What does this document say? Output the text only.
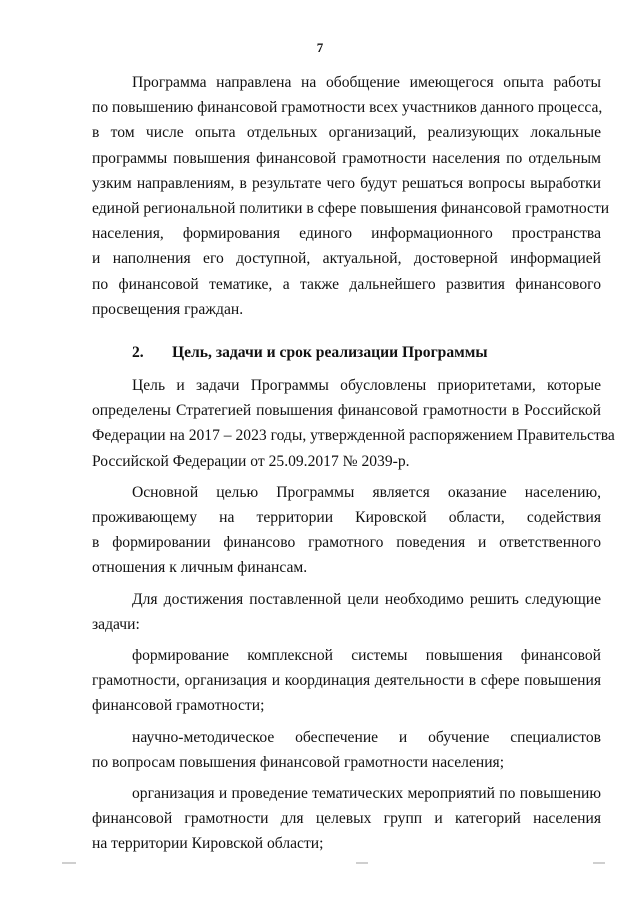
7
Программа направлена на обобщение имеющегося опыта работы
по повышению финансовой грамотности всех участников данного процесса,
в том числе опыта отдельных организаций, реализующих локальные
программы повышения финансовой грамотности населения по отдельным
узким направлениям, в результате чего будут решаться вопросы выработки
единой региональной политики в сфере повышения финансовой грамотности
населения, формирования единого информационного пространства
и наполнения его доступной, актуальной, достоверной информацией
по финансовой тематике, а также дальнейшего развития финансового
просвещения граждан.
2. Цель, задачи и срок реализации Программы
Цель и задачи Программы обусловлены приоритетами, которые
определены Стратегией повышения финансовой грамотности в Российской
Федерации на 2017 – 2023 годы, утвержденной распоряжением Правительства
Российской Федерации от 25.09.2017 № 2039-р.
Основной целью Программы является оказание населению,
проживающему на территории Кировской области, содействия
в формировании финансово грамотного поведения и ответственного
отношения к личным финансам.
Для достижения поставленной цели необходимо решить следующие
задачи:
формирование комплексной системы повышения финансовой
грамотности, организация и координация деятельности в сфере повышения
финансовой грамотности;
научно-методическое обеспечение и обучение специалистов
по вопросам повышения финансовой грамотности населения;
организация и проведение тематических мероприятий по повышению
финансовой грамотности для целевых групп и категорий населения
на территории Кировской области;
